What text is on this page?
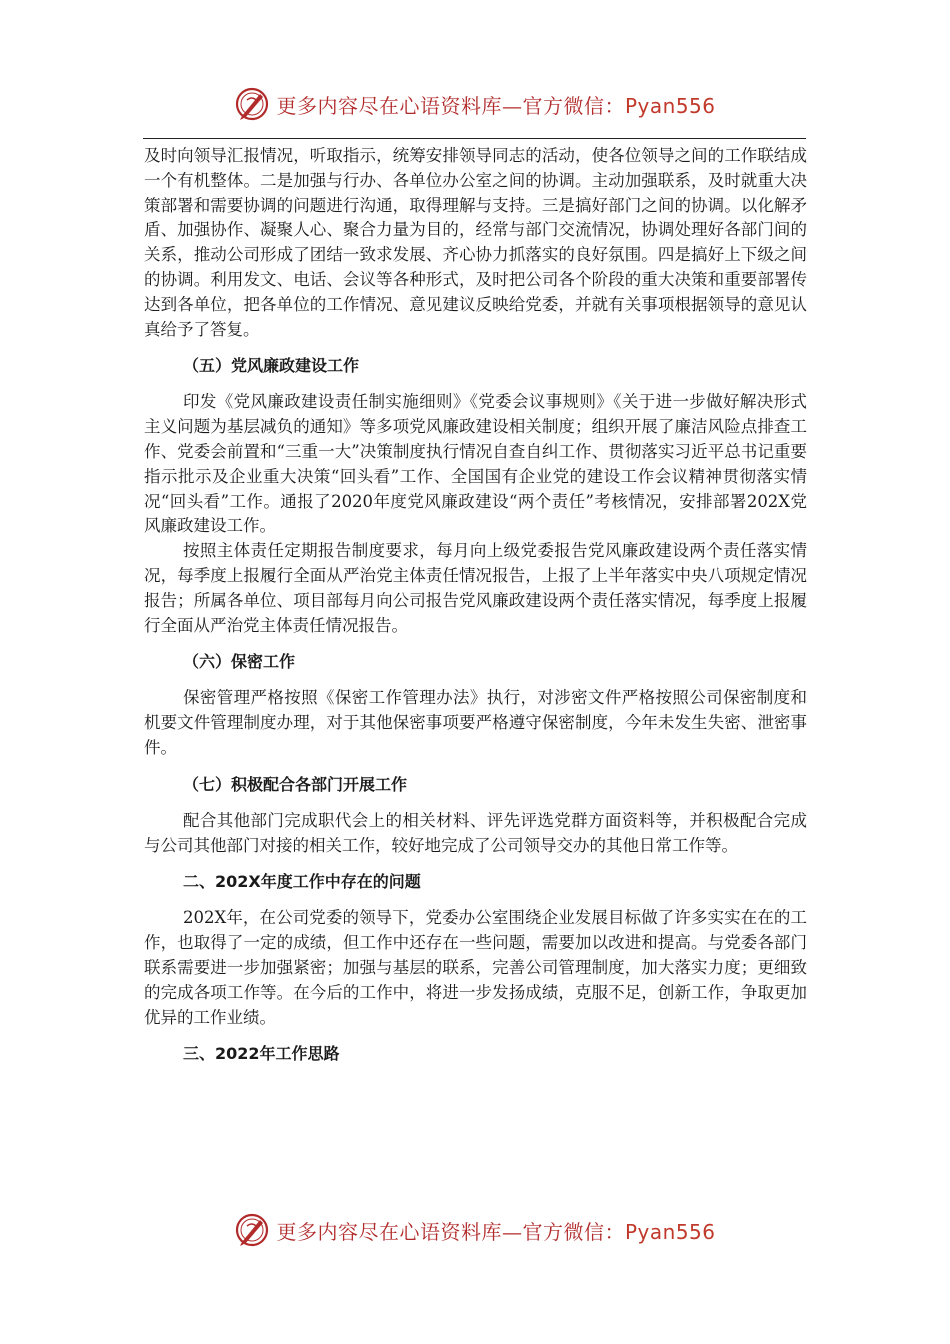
更多内容尽在心语资料库—官方微信：Pyan556

及时向领导汇报情况，听取指示，统筹安排领导同志的活动，使各位领导之间的工作联结成一个有机整体。二是加强与行办、各单位办公室之间的协调。主动加强联系，及时就重大决策部署和需要协调的问题进行沟通，取得理解与支持。三是搞好部门之间的协调。以化解矛盾、加强协作、凝聚人心、聚合力量为目的，经常与部门交流情况，协调处理好各部门间的关系，推动公司形成了团结一致求发展、齐心协力抓落实的良好氛围。四是搞好上下级之间的协调。利用发文、电话、会议等各种形式，及时把公司各个阶段的重大决策和重要部署传达到各单位，把各单位的工作情况、意见建议反映给党委，并就有关事项根据领导的意见认真给予了答复。

（五）党风廉政建设工作

印发《党风廉政建设责任制实施细则》《党委会议事规则》《关于进一步做好解决形式主义问题为基层减负的通知》等多项党风廉政建设相关制度；组织开展了廉洁风险点排查工作、党委会前置和“三重一大”决策制度执行情况自查自纠工作、贯彻落实习近平总书记重要指示批示及企业重大决策“回头看”工作、全国国有企业党的建设工作会议精神贯彻落实情况“回头看”工作。通报了2020年度党风廉政建设“两个责任”考核情况，安排部署202X党风廉政建设工作。

按照主体责任定期报告制度要求，每月向上级党委报告党风廉政建设两个责任落实情况，每季度上报履行全面从严治党主体责任情况报告，上报了上半年落实中央八项规定情况报告；所属各单位、项目部每月向公司报告党风廉政建设两个责任落实情况，每季度上报履行全面从严治党主体责任情况报告。

（六）保密工作

保密管理严格按照《保密工作管理办法》执行，对涉密文件严格按照公司保密制度和机要文件管理制度办理，对于其他保密事项要严格遵守保密制度，今年未发生失密、泄密事件。

（七）积极配合各部门开展工作

配合其他部门完成职代会上的相关材料、评先评选党群方面资料等，并积极配合完成与公司其他部门对接的相关工作，较好地完成了公司领导交办的其他日常工作等。

二、202X年度工作中存在的问题

202X年，在公司党委的领导下，党委办公室围绕企业发展目标做了许多实实在在的工作，也取得了一定的成绩，但工作中还存在一些问题，需要加以改进和提高。与党委各部门联系需要进一步加强紧密；加强与基层的联系，完善公司管理制度，加大落实力度；更细致的完成各项工作等。在今后的工作中，将进一步发扬成绩，克服不足，创新工作，争取更加优异的工作业绩。

三、2022年工作思路

更多内容尽在心语资料库—官方微信：Pyan556
